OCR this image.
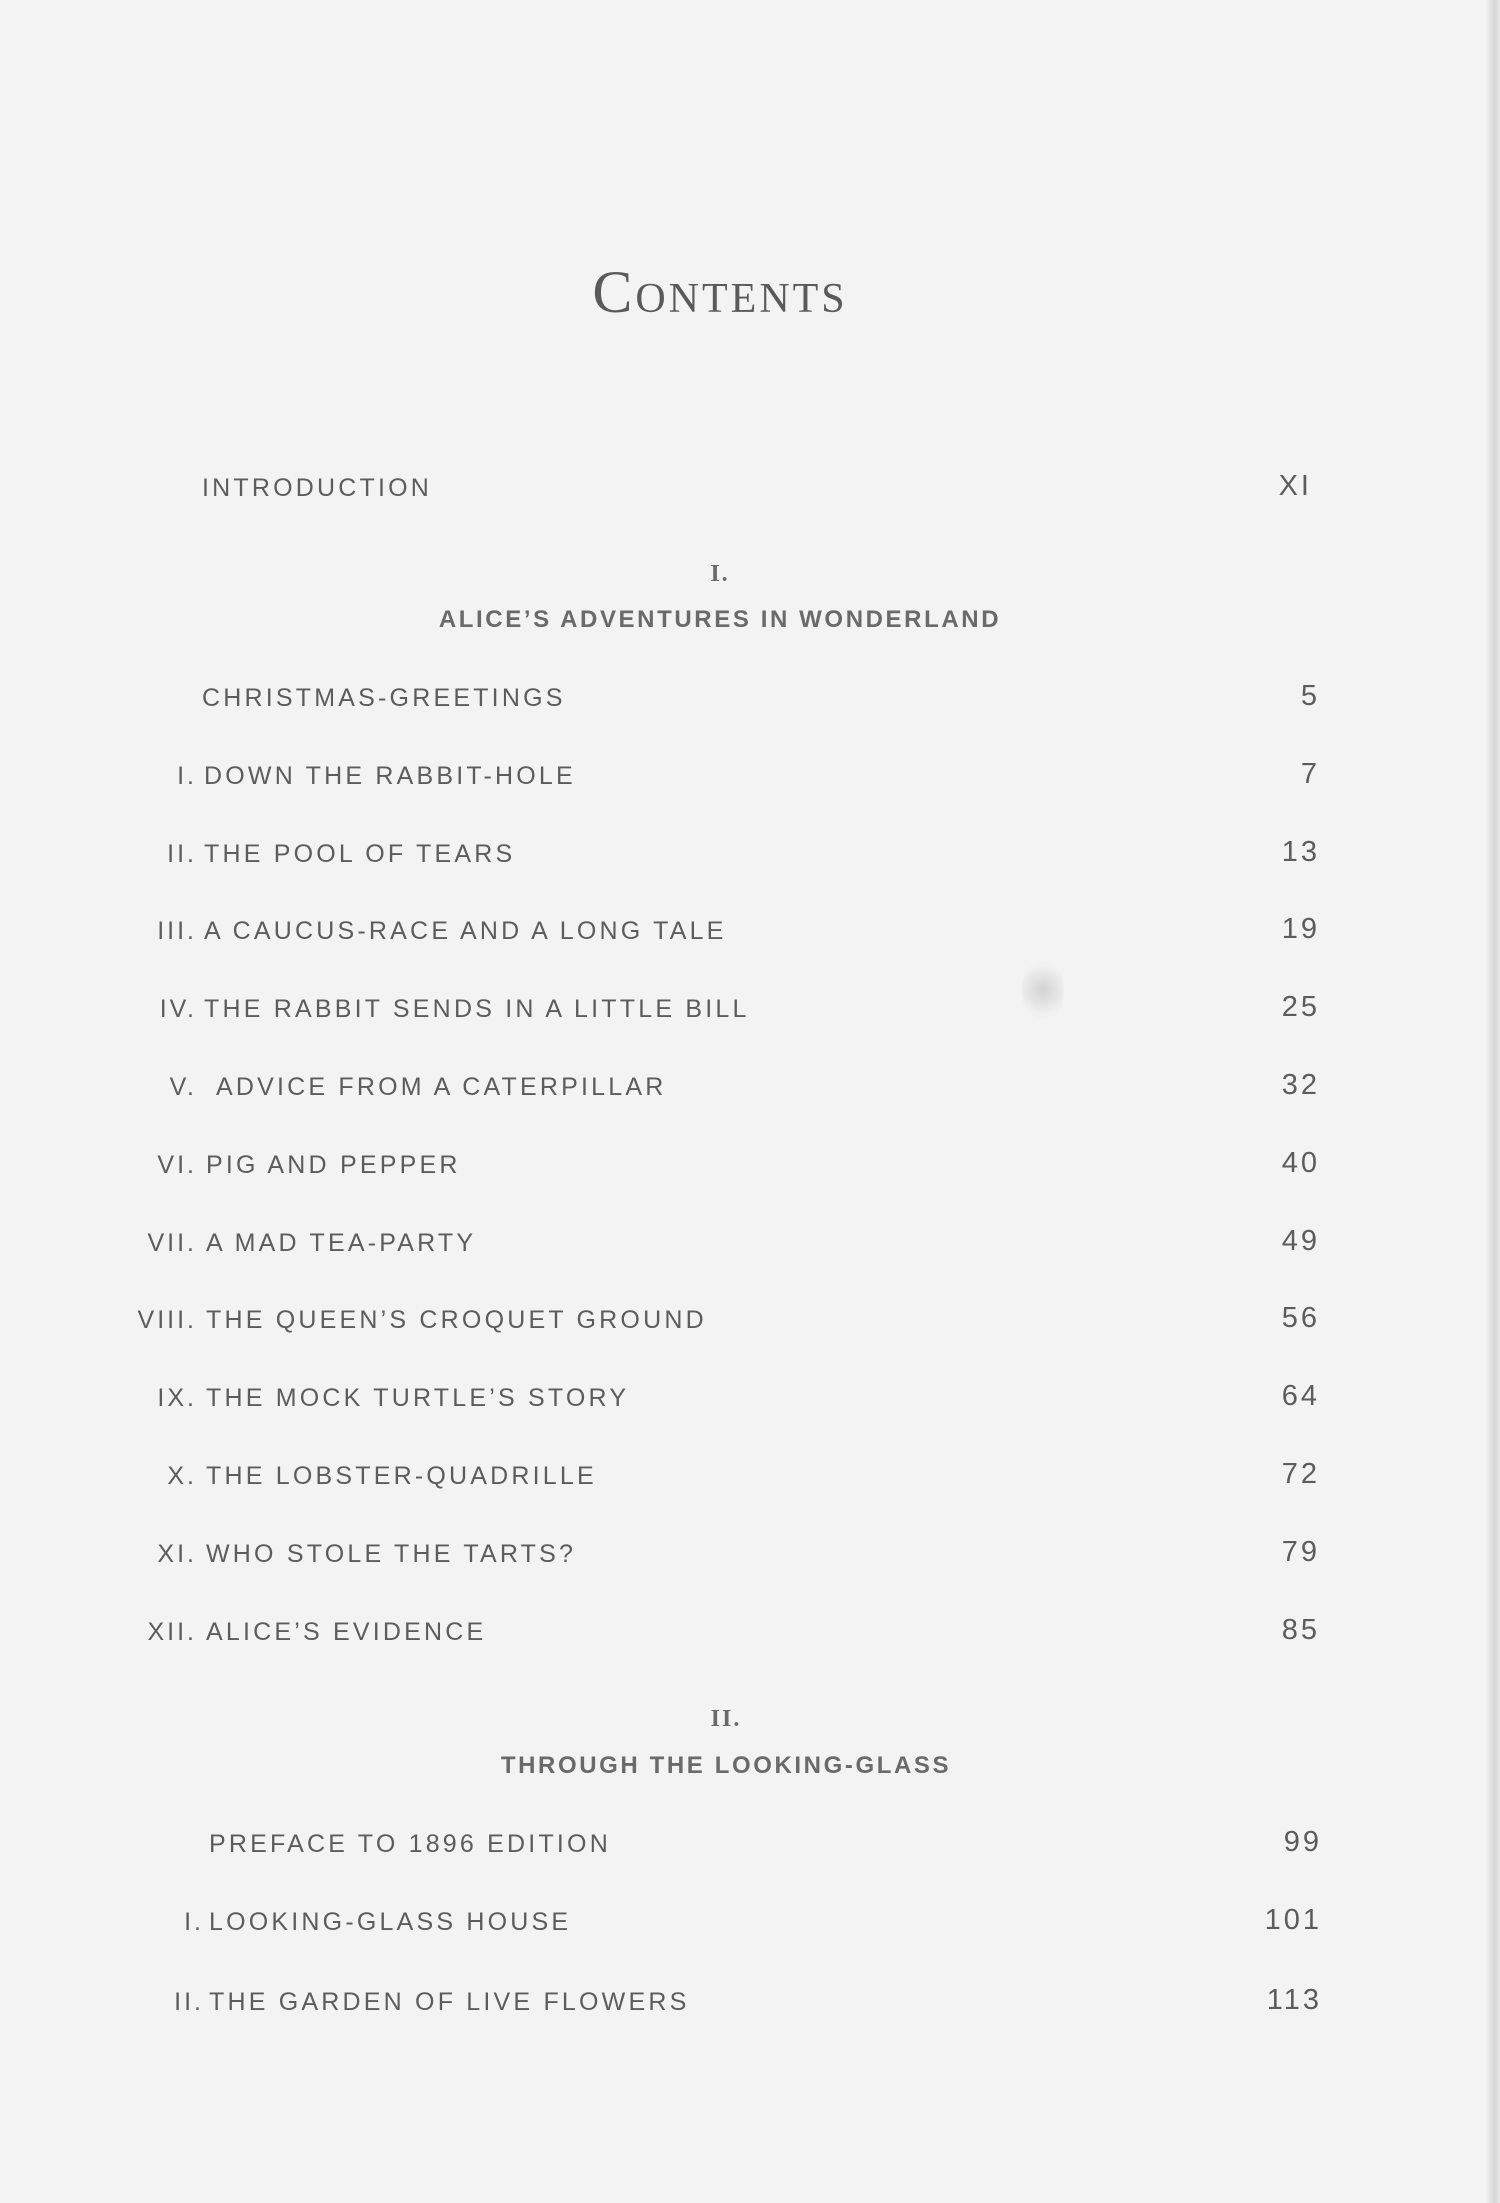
Contents
INTRODUCTION	XI
I.
ALICE’S ADVENTURES IN WONDERLAND
CHRISTMAS-GREETINGS	5
I. DOWN THE RABBIT-HOLE	7
II. THE POOL OF TEARS	13
III. A CAUCUS-RACE AND A LONG TALE	19
IV. THE RABBIT SENDS IN A LITTLE BILL	25
V. ADVICE FROM A CATERPILLAR	32
VI. PIG AND PEPPER	40
VII. A MAD TEA-PARTY	49
VIII. THE QUEEN’S CROQUET GROUND	56
IX. THE MOCK TURTLE’S STORY	64
X. THE LOBSTER-QUADRILLE	72
XI. WHO STOLE THE TARTS?	79
XII. ALICE’S EVIDENCE	85
II.
THROUGH THE LOOKING-GLASS
PREFACE TO 1896 EDITION	99
I. LOOKING-GLASS HOUSE	101
II. THE GARDEN OF LIVE FLOWERS	113
